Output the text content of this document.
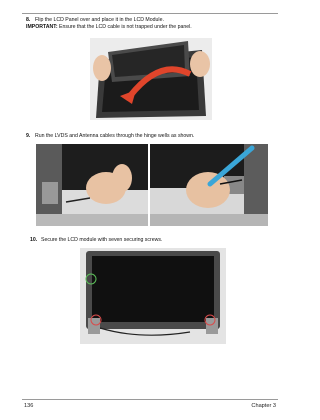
8. Flip the LCD Panel over and place it in the LCD Module.
IMPORTANT: Ensure that the LCD cable is not trapped under the panel.
9. Run the LVDS and Antenna cables through the hinge wells as shown.
10. Secure the LCD module with seven securing screws.
136	Chapter 3
